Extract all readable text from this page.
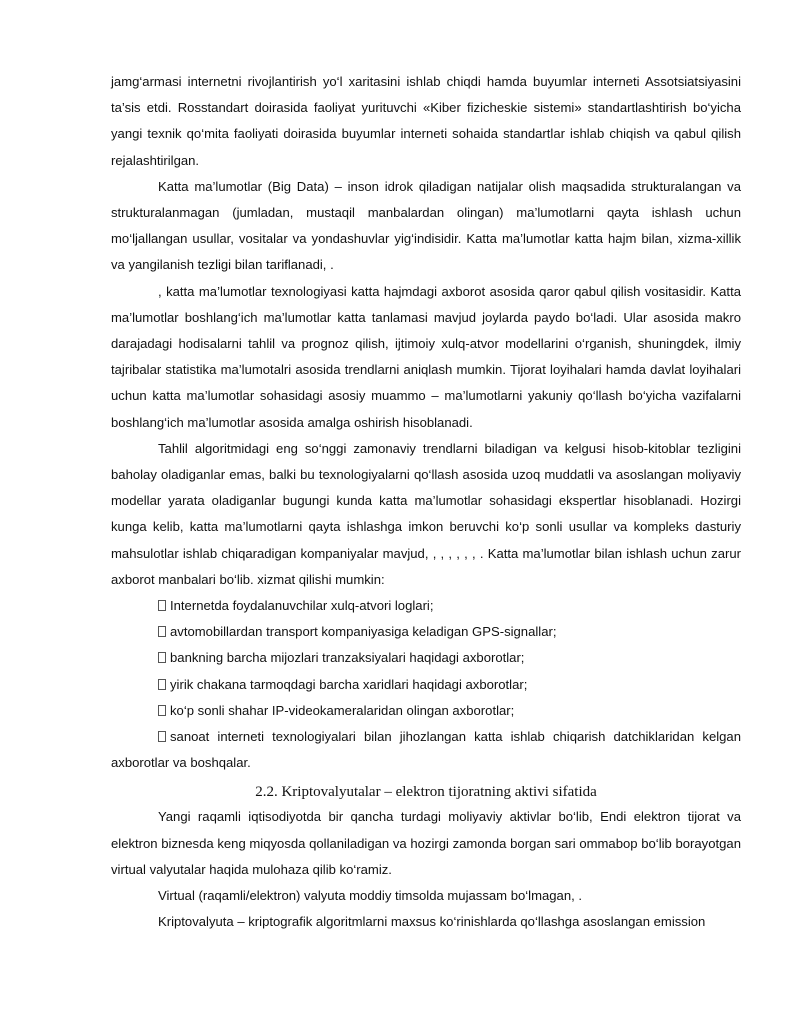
jamg‘armasi internetni rivojlantirish yo‘l xaritasini ishlab chiqdi hamda buyumlar interneti Assotsiatsiyasini ta’sis etdi. Rosstandart doirasida faoliyat yurituvchi «Kiber fizicheskie sistemi» standartlashtirish bo‘yicha yangi texnik qo‘mita faoliyati doirasida buyumlar interneti sohaida standartlar ishlab chiqish va qabul qilish rejalashtirilgan.

Katta ma’lumotlar (Big Data) – inson idrok qiladigan natijalar olish maqsadida strukturalangan va strukturalanmagan (jumladan, mustaqil manbalardan olingan) ma’lumotlarni qayta ishlash uchun mo‘ljallangan usullar, vositalar va yondashuvlar yig‘indisidir. Katta ma’lumotlar katta hajm bilan, xizma-xillik va yangilanish tezligi bilan tariflanadi, .

, katta ma’lumotlar texnologiyasi katta hajmdagi axborot asosida qaror qabul qilish vositasidir. Katta ma’lumotlar boshlang‘ich ma’lumotlar katta tanlamasi mavjud joylarda paydo bo‘ladi. Ular asosida makro darajadagi hodisalarni tahlil va prognoz qilish, ijtimoiy xulq-atvor modellarini o‘rganish, shuningdek, ilmiy tajribalar statistika ma’lumotalri asosida trendlarni aniqlash mumkin. Tijorat loyihalari hamda davlat loyihalari uchun katta ma’lumotlar sohasidagi asosiy muammo – ma’lumotlarni yakuniy qo‘llash bo‘yicha vazifalarni boshlang‘ich ma’lumotlar asosida amalga oshirish hisoblanadi.

Tahlil algoritmidagi eng so‘nggi zamonaviy trendlarni biladigan va kelgusi hisob-kitoblar tezligini baholay oladiganlar emas, balki bu texnologiyalarni qo‘llash asosida uzoq muddatli va asoslangan moliyaviy modellar yarata oladiganlar bugungi kunda katta ma’lumotlar sohasidagi ekspertlar hisoblanadi. Hozirgi kunga kelib, katta ma’lumotlarni qayta ishlashga imkon beruvchi ko‘p sonli usullar va kompleks dasturiy mahsulotlar ishlab chiqaradigan kompaniyalar mavjud, , , , , , , . Katta ma’lumotlar bilan ishlash uchun zarur axborot manbalari bo‘lib. xizmat qilishi mumkin:

Internetda foydalanuvchilar xulq-atvori loglari;
avtomobillardan transport kompaniyasiga keladigan GPS-signallar;
bankning barcha mijozlari tranzaksiyalari haqidagi axborotlar;
yirik chakana tarmoqdagi barcha xaridlari haqidagi axborotlar;
ko‘p sonli shahar IP-videokameralaridan olingan axborotlar;
sanoat interneti texnologiyalari bilan jihozlangan katta ishlab chiqarish datchiklaridan kelgan axborotlar va boshqalar.
2.2. Kriptovalyutalar – elektron tijoratning aktivi sifatida

Yangi raqamli iqtisodiyotda bir qancha turdagi moliyaviy aktivlar bo‘lib, Endi elektron tijorat va elektron biznesda keng miqyosda qollaniladigan va hozirgi zamonda borgan sari ommabop bo‘lib borayotgan virtual valyutalar haqida mulohaza qilib ko‘ramiz.

Virtual (raqamli/elektron) valyuta moddiy timsolda mujassam bo‘lmagan, .

Kriptovalyuta – kriptografik algoritmlarni maxsus ko‘rinishlarda qo‘llashga asoslangan emission
